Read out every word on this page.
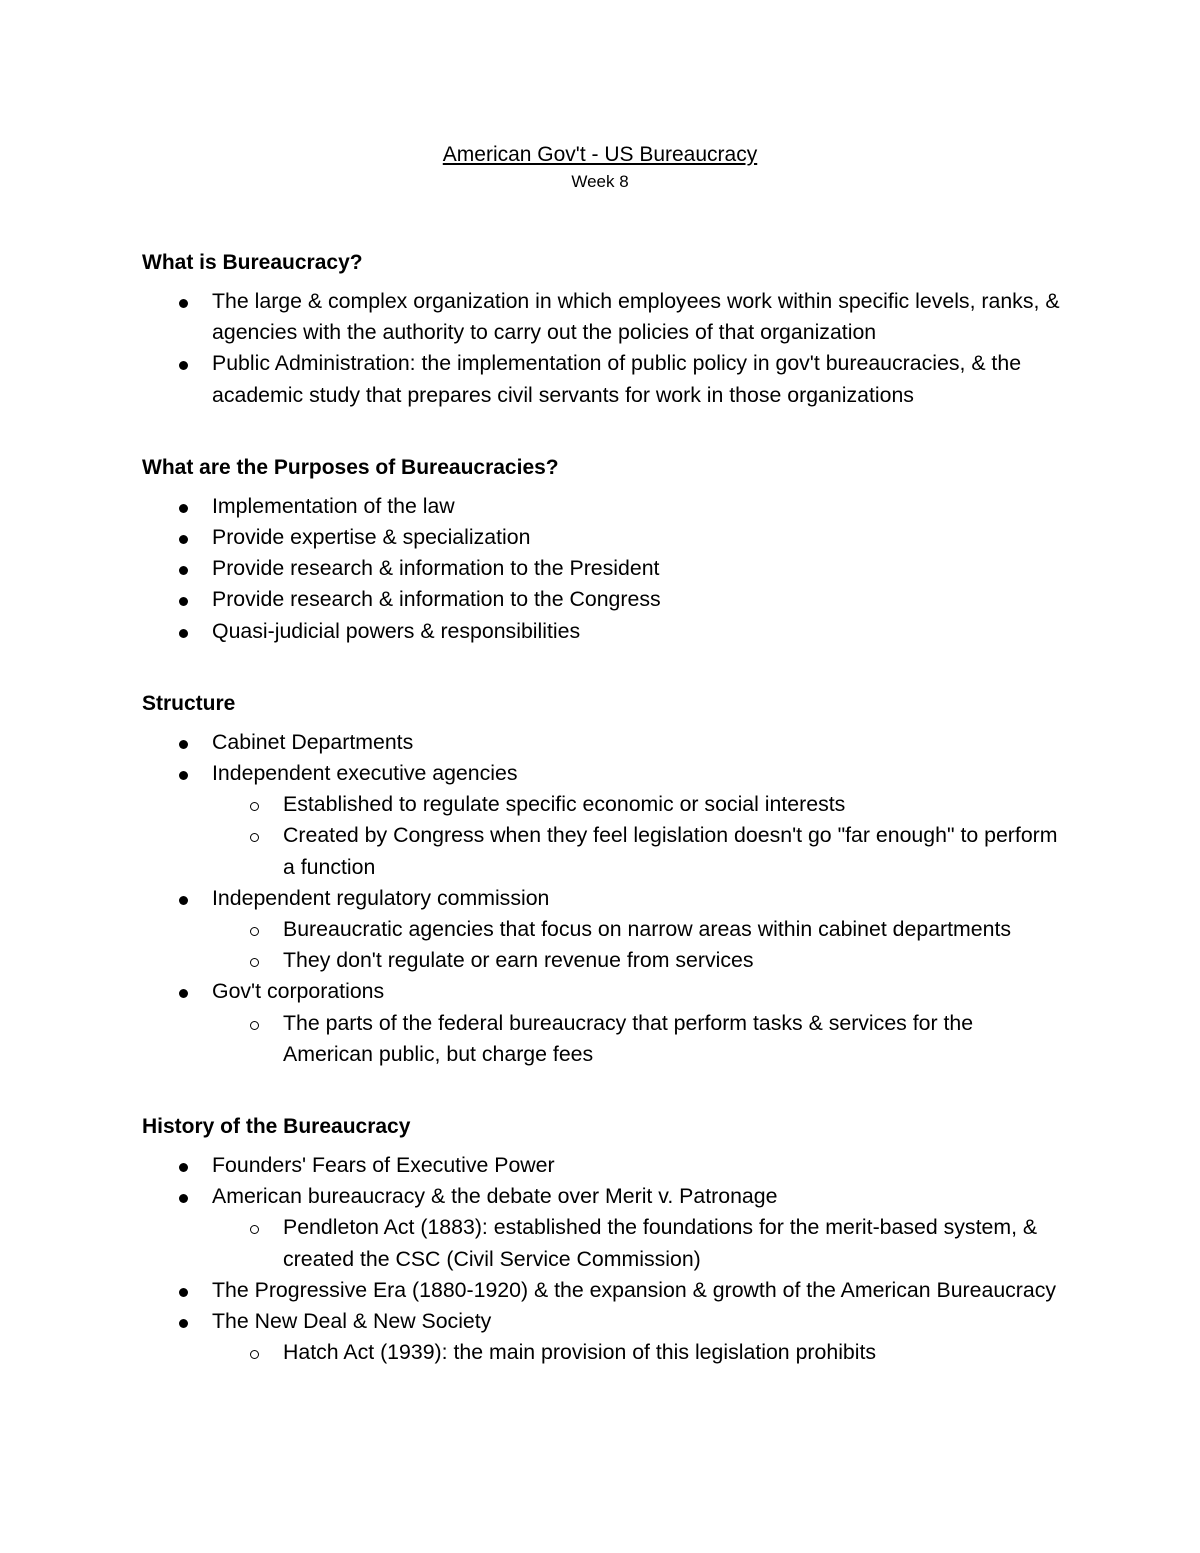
American Gov't - US Bureaucracy
Week 8
What is Bureaucracy?
The large & complex organization in which employees work within specific levels, ranks, & agencies with the authority to carry out the policies of that organization
Public Administration: the implementation of public policy in gov't bureaucracies, & the academic study that prepares civil servants for work in those organizations
What are the Purposes of Bureaucracies?
Implementation of the law
Provide expertise & specialization
Provide research & information to the President
Provide research & information to the Congress
Quasi-judicial powers & responsibilities
Structure
Cabinet Departments
Independent executive agencies
Established to regulate specific economic or social interests
Created by Congress when they feel legislation doesn't go "far enough" to perform a function
Independent regulatory commission
Bureaucratic agencies that focus on narrow areas within cabinet departments
They don't regulate or earn revenue from services
Gov't corporations
The parts of the federal bureaucracy that perform tasks & services for the American public, but charge fees
History of the Bureaucracy
Founders' Fears of Executive Power
American bureaucracy & the debate over Merit v. Patronage
Pendleton Act (1883): established the foundations for the merit-based system, & created the CSC (Civil Service Commission)
The Progressive Era (1880-1920) & the expansion & growth of the American Bureaucracy
The New Deal & New Society
Hatch Act (1939): the main provision of this legislation prohibits
